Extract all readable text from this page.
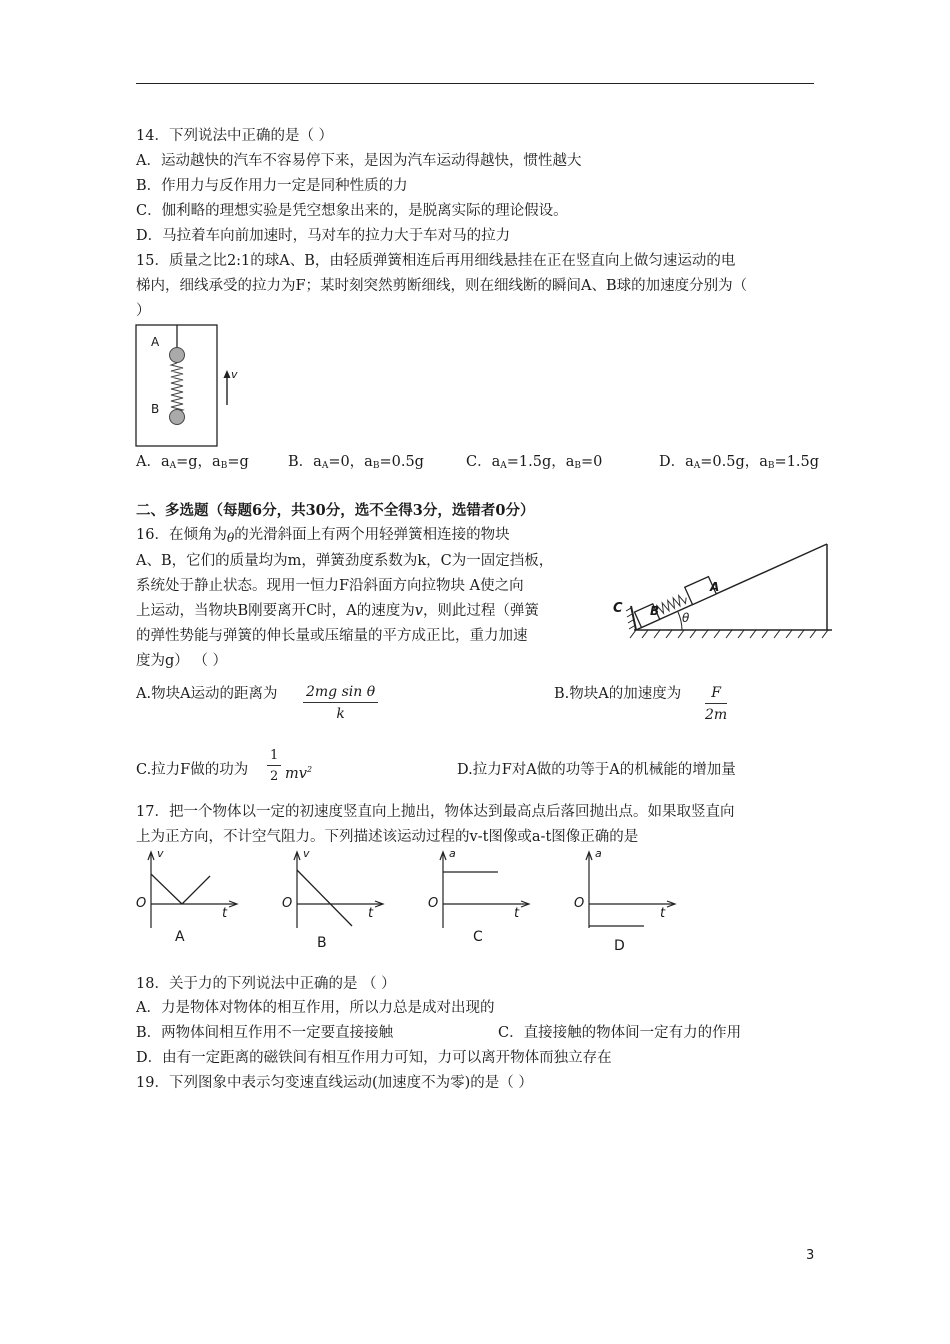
14．下列说法中正确的是（ ）
A．运动越快的汽车不容易停下来，是因为汽车运动得越快，惯性越大
B．作用力与反作用力一定是同种性质的力
C．伽利略的理想实验是凭空想象出来的，是脱离实际的理论假设。
D．马拉着车向前加速时，马对车的拉力大于车对马的拉力
15．质量之比2:1的球A、B，由轻质弹簧相连后再用细线悬挂在正在竖直向上做匀速运动的电
梯内，细线承受的拉力为F；某时刻突然剪断细线，则在细线断的瞬间A、B球的加速度分别为（
）
A
B
v
A．$a_A=g$，$a_B=g$	B．$a_A=0$，$a_B=0.5g$	C．$a_A=1.5g$，$a_B=0$	D．$a_A=0.5g$，$a_B=1.5g$
二、多选题（每题6分，共30分，选不全得3分，选错者0分）
16．在倾角为$_\theta$的光滑斜面上有两个用轻弹簧相连接的物块
A、B，它们的质量均为m，弹簧劲度系数为k，C为一固定挡板，
系统处于静止状态。现用一恒力F沿斜面方向拉物块 A使之向
上运动，当物块B刚要离开C时，A的速度为v，则此过程（弹簧
的弹性势能与弹簧的伸长量或压缩量的平方成正比，重力加速
度为g） （ ）
C B
A
θ
A.物块A运动的距离为 $\frac{\text{2mg sin θ}}{k}$	B.物块A的加速度为 $\frac{F}{2m}$
C.拉力F做的功为 $\frac{1}{2} mv^2$	D.拉力F对A做的功等于A的机械能的增加量
17．把一个物体以一定的初速度竖直向上抛出，物体达到最高点后落回抛出点。如果取竖直向
上为正方向，不计空气阻力。下列描述该运动过程的v-t图像或a-t图像正确的是
v
O
t
A
v
O
t
B
a
O
t
C
a
O
t
D
18．关于力的下列说法中正确的是 （ ）
A．力是物体对物体的相互作用，所以力总是成对出现的
B．两物体间相互作用不一定要直接接触	C．直接接触的物体间一定有力的作用
D．由有一定距离的磁铁间有相互作用力可知，力可以离开物体而独立存在
19．下列图象中表示匀变速直线运动(加速度不为零)的是（ ）
3
